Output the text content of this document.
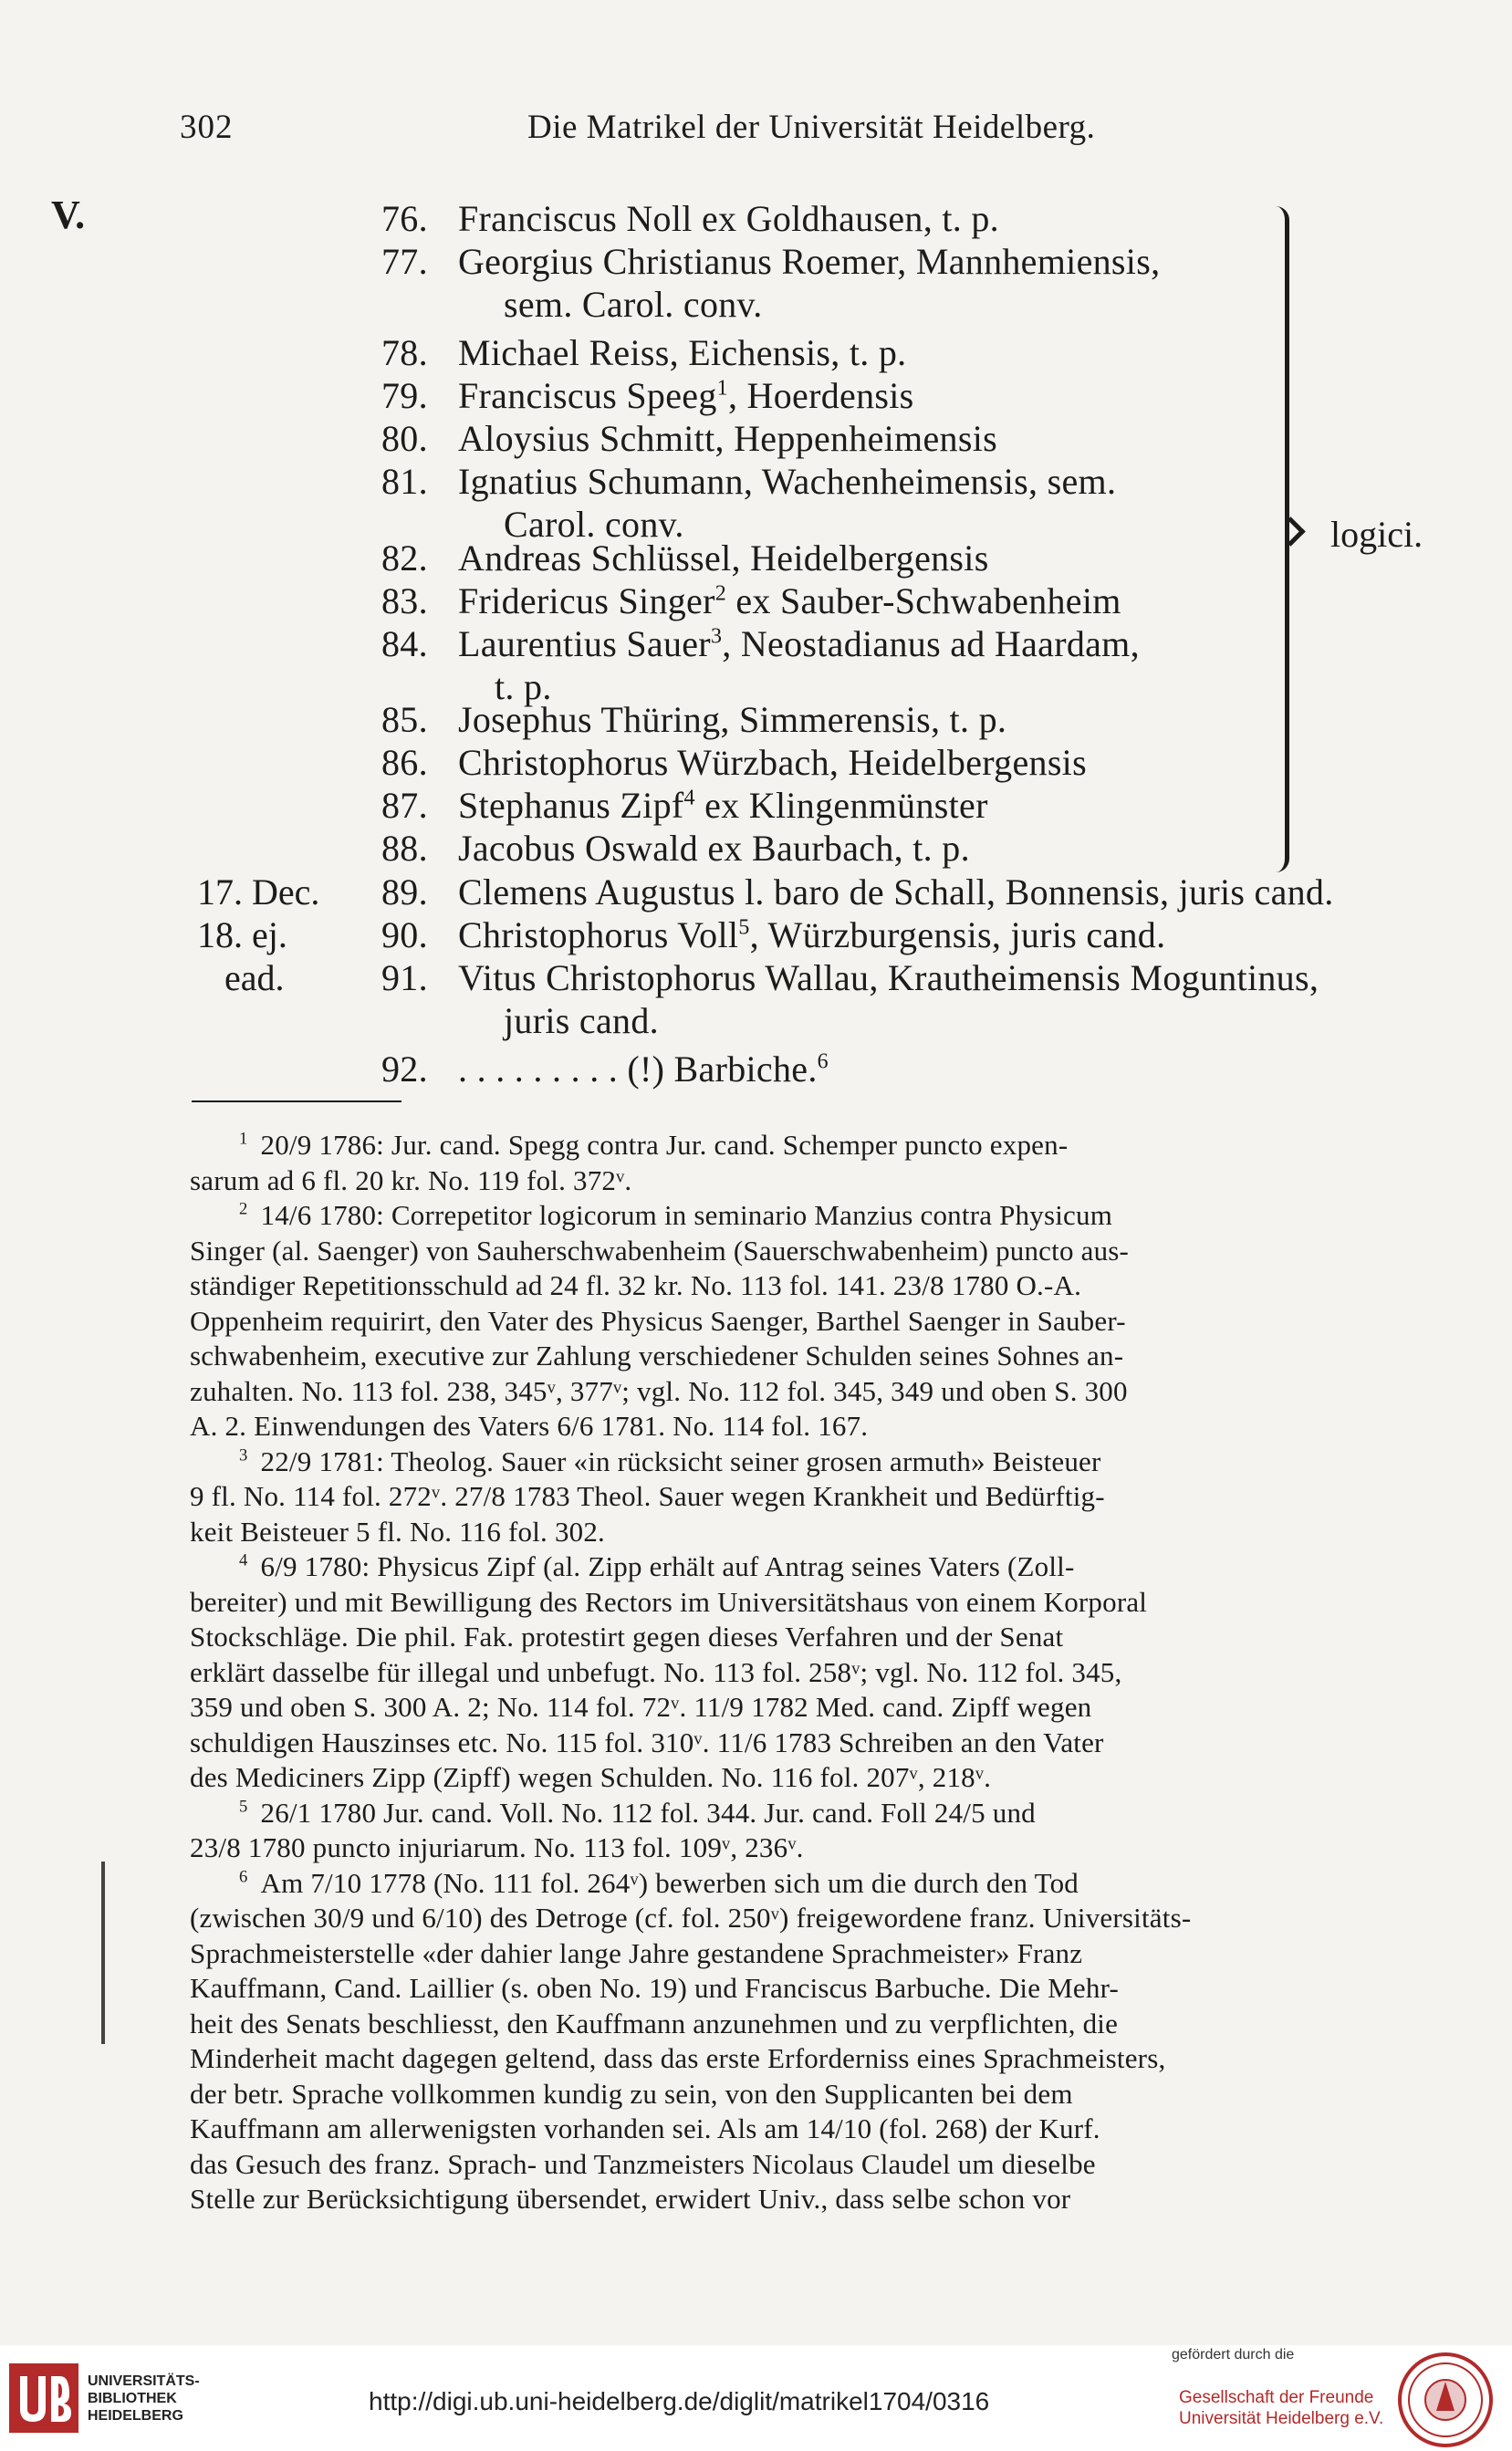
302	Die Matrikel der Universität Heidelberg.
V.	76. Franciscus Noll ex Goldhausen, t. p.
77. Georgius Christianus Roemer, Mannhemiensis,
sem. Carol. conv.
78. Michael Reiss, Eichensis, t. p.
79. Franciscus Speeg$^1$, Hoerdensis
80. Aloysius Schmitt, Heppenheimensis
81. Ignatius Schumann, Wachenheimensis, sem.
Carol. conv.
82. Andreas Schlüssel, Heidelbergensis
83. Fridericus Singer$^2$ ex Sauber-Schwabenheim
84. Laurentius Sauer$^3$, Neostadianus ad Haardam,
t. p.
85. Josephus Thüring, Simmerensis, t. p.
86. Christophorus Würzbach, Heidelbergensis
87. Stephanus Zipf$^4$ ex Klingenmünster
88. Jacobus Oswald ex Baurbach, t. p.
89. Clemens Augustus l. baro de Schall, Bonnensis, juris cand.
17. Dec.
90. Christophorus Voll$^5$, Würzburgensis, juris cand.
18. ej.
91. Vitus Christophorus Wallau, Krautheimensis Moguntinus,
juris cand.
ead.
92. . . . . . . . . . (!) Barbiche.$^6$
logici.
$^1$ 20/9 1786: Jur. cand. Spegg contra Jur. cand. Schemper puncto expen-
sarum ad 6 fl. 20 kr. No. 119 fol. 372ᵛ.
$^2$ 14/6 1780: Correpetitor logicorum in seminario Manzius contra Physicum
Singer (al. Saenger) von Sauherschwabenheim (Sauerschwabenheim) puncto aus-
ständiger Repetitionsschuld ad 24 fl. 32 kr. No. 113 fol. 141. 23/8 1780 O.-A.
Oppenheim requirirt, den Vater des Physicus Saenger, Barthel Saenger in Sauber-
schwabenheim, executive zur Zahlung verschiedener Schulden seines Sohnes an-
zuhalten. No. 113 fol. 238, 345ᵛ, 377ᵛ; vgl. No. 112 fol. 345, 349 und oben S. 300
A. 2. Einwendungen des Vaters 6/6 1781. No. 114 fol. 167.
$^3$ 22/9 1781: Theolog. Sauer «in rücksicht seiner grosen armuth» Beisteuer
9 fl. No. 114 fol. 272ᵛ. 27/8 1783 Theol. Sauer wegen Krankheit und Bedürftig-
keit Beisteuer 5 fl. No. 116 fol. 302.
$^4$ 6/9 1780: Physicus Zipf (al. Zipp erhält auf Antrag seines Vaters (Zoll-
bereiter) und mit Bewilligung des Rectors im Universitätshaus von einem Korporal
Stockschläge. Die phil. Fak. protestirt gegen dieses Verfahren und der Senat
erklärt dasselbe für illegal und unbefugt. No. 113 fol. 258ᵛ; vgl. No. 112 fol. 345,
359 und oben S. 300 A. 2; No. 114 fol. 72ᵛ. 11/9 1782 Med. cand. Zipff wegen
schuldigen Hauszinses etc. No. 115 fol. 310ᵛ. 11/6 1783 Schreiben an den Vater
des Mediciners Zipp (Zipff) wegen Schulden. No. 116 fol. 207ᵛ, 218ᵛ.
$^5$ 26/1 1780 Jur. cand. Voll. No. 112 fol. 344. Jur. cand. Foll 24/5 und
23/8 1780 puncto injuriarum. No. 113 fol. 109ᵛ, 236ᵛ.
$^6$ Am 7/10 1778 (No. 111 fol. 264ᵛ) bewerben sich um die durch den Tod
(zwischen 30/9 und 6/10) des Detroge (cf. fol. 250ᵛ) freigewordene franz. Universitäts-
Sprachmeisterstelle «der dahier lange Jahre gestandene Sprachmeister» Franz
Kauffmann, Cand. Laillier (s. oben No. 19) und Franciscus Barbuche. Die Mehr-
heit des Senats beschliesst, den Kauffmann anzunehmen und zu verpflichten, die
Minderheit macht dagegen geltend, dass das erste Erforderniss eines Sprachmeisters,
der betr. Sprache vollkommen kundig zu sein, von den Supplicanten bei dem
Kauffmann am allerwenigsten vorhanden sei. Als am 14/10 (fol. 268) der Kurf.
das Gesuch des franz. Sprach- und Tanzmeisters Nicolaus Claudel um dieselbe
Stelle zur Berücksichtigung übersendet, erwidert Univ., dass selbe schon vor
UNIVERSITÄTS-
BIBLIOTHEK
HEIDELBERG
http://digi.ub.uni-heidelberg.de/diglit/matrikel1704/0316
gefördert durch die
Gesellschaft der Freunde
Universität Heidelberg e.V.
